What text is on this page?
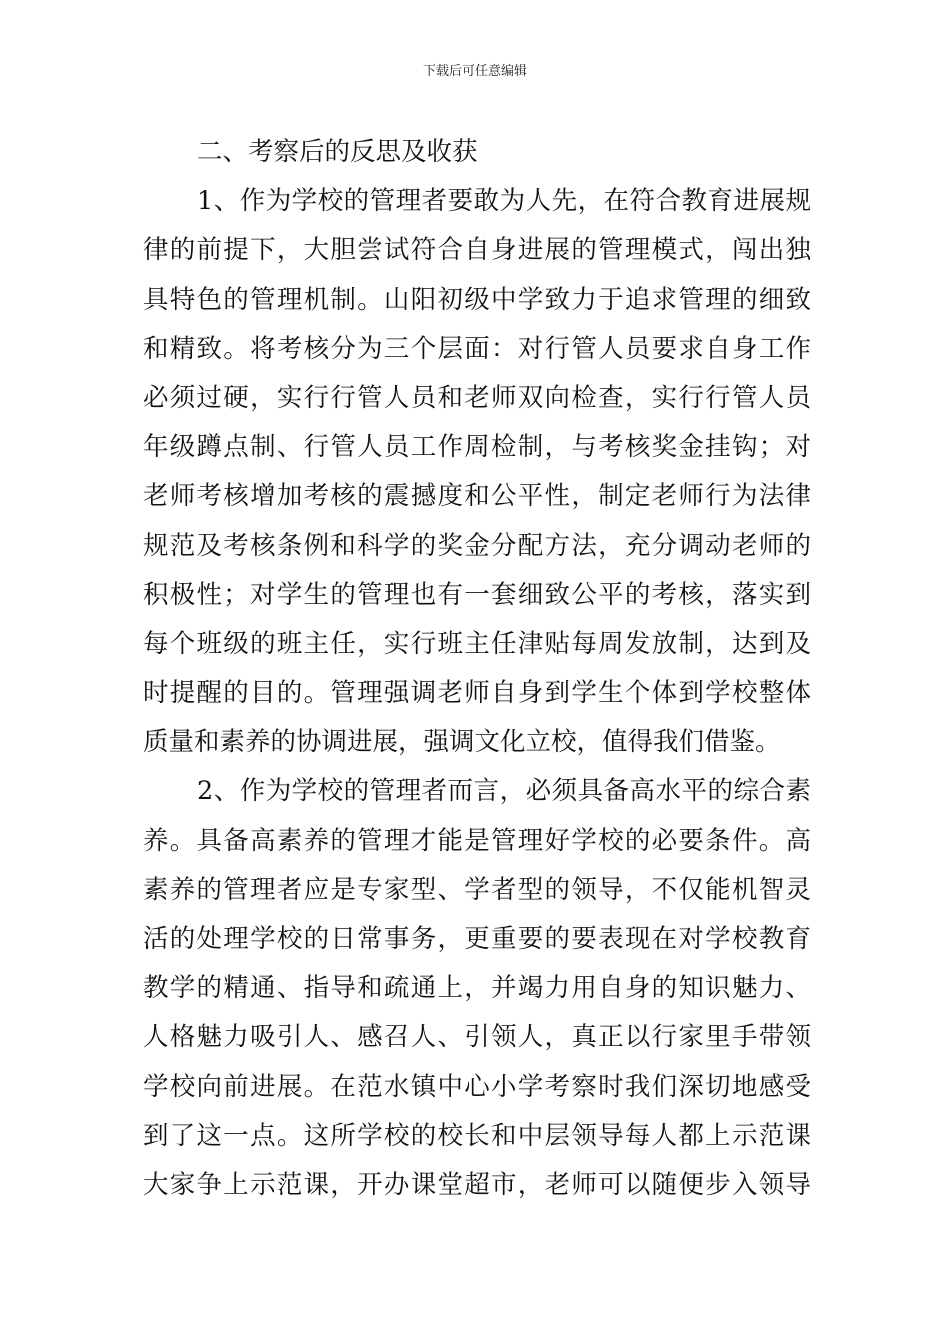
下载后可任意编辑
二、考察后的反思及收获
1、作为学校的管理者要敢为人先，在符合教育进展规
律的前提下，大胆尝试符合自身进展的管理模式，闯出独
具特色的管理机制。山阳初级中学致力于追求管理的细致
和精致。将考核分为三个层面：对行管人员要求自身工作
必须过硬，实行行管人员和老师双向检查，实行行管人员
年级蹲点制、行管人员工作周检制，与考核奖金挂钩；对
老师考核增加考核的震撼度和公平性，制定老师行为法律
规范及考核条例和科学的奖金分配方法，充分调动老师的
积极性；对学生的管理也有一套细致公平的考核，落实到
每个班级的班主任，实行班主任津贴每周发放制，达到及
时提醒的目的。管理强调老师自身到学生个体到学校整体
质量和素养的协调进展，强调文化立校，值得我们借鉴。
2、作为学校的管理者而言，必须具备高水平的综合素
养。具备高素养的管理才能是管理好学校的必要条件。高
素养的管理者应是专家型、学者型的领导，不仅能机智灵
活的处理学校的日常事务，更重要的要表现在对学校教育
教学的精通、指导和疏通上，并竭力用自身的知识魅力、
人格魅力吸引人、感召人、引领人，真正以行家里手带领
学校向前进展。在范水镇中心小学考察时我们深切地感受
到了这一点。这所学校的校长和中层领导每人都上示范课
大家争上示范课，开办课堂超市，老师可以随便步入领导
